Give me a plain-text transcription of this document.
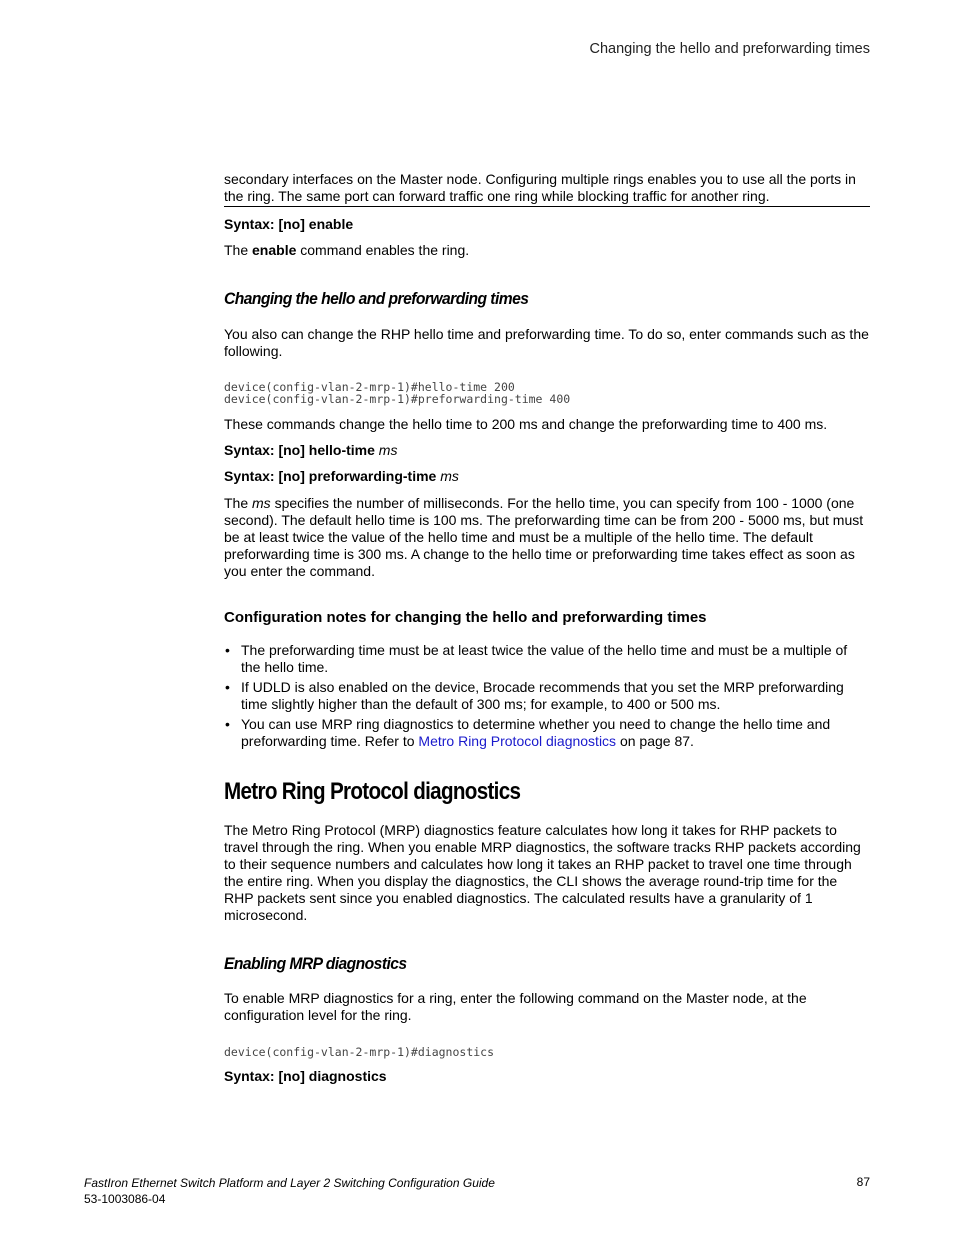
Changing the hello and preforwarding times
secondary interfaces on the Master node. Configuring multiple rings enables you to use all the ports in the ring. The same port can forward traffic one ring while blocking traffic for another ring.
Syntax: [no] enable
The enable command enables the ring.
Changing the hello and preforwarding times
You also can change the RHP hello time and preforwarding time. To do so, enter commands such as the following.
device(config-vlan-2-mrp-1)#hello-time 200
device(config-vlan-2-mrp-1)#preforwarding-time 400
These commands change the hello time to 200 ms and change the preforwarding time to 400 ms.
Syntax: [no] hello-time ms
Syntax: [no] preforwarding-time ms
The ms specifies the number of milliseconds. For the hello time, you can specify from 100 - 1000 (one second). The default hello time is 100 ms. The preforwarding time can be from 200 - 5000 ms, but must be at least twice the value of the hello time and must be a multiple of the hello time. The default preforwarding time is 300 ms. A change to the hello time or preforwarding time takes effect as soon as you enter the command.
Configuration notes for changing the hello and preforwarding times
• The preforwarding time must be at least twice the value of the hello time and must be a multiple of the hello time.
• If UDLD is also enabled on the device, Brocade recommends that you set the MRP preforwarding time slightly higher than the default of 300 ms; for example, to 400 or 500 ms.
• You can use MRP ring diagnostics to determine whether you need to change the hello time and preforwarding time. Refer to Metro Ring Protocol diagnostics on page 87.
Metro Ring Protocol diagnostics
The Metro Ring Protocol (MRP) diagnostics feature calculates how long it takes for RHP packets to travel through the ring. When you enable MRP diagnostics, the software tracks RHP packets according to their sequence numbers and calculates how long it takes an RHP packet to travel one time through the entire ring. When you display the diagnostics, the CLI shows the average round-trip time for the RHP packets sent since you enabled diagnostics. The calculated results have a granularity of 1 microsecond.
Enabling MRP diagnostics
To enable MRP diagnostics for a ring, enter the following command on the Master node, at the configuration level for the ring.
device(config-vlan-2-mrp-1)#diagnostics
Syntax: [no] diagnostics
FastIron Ethernet Switch Platform and Layer 2 Switching Configuration Guide
53-1003086-04
87
